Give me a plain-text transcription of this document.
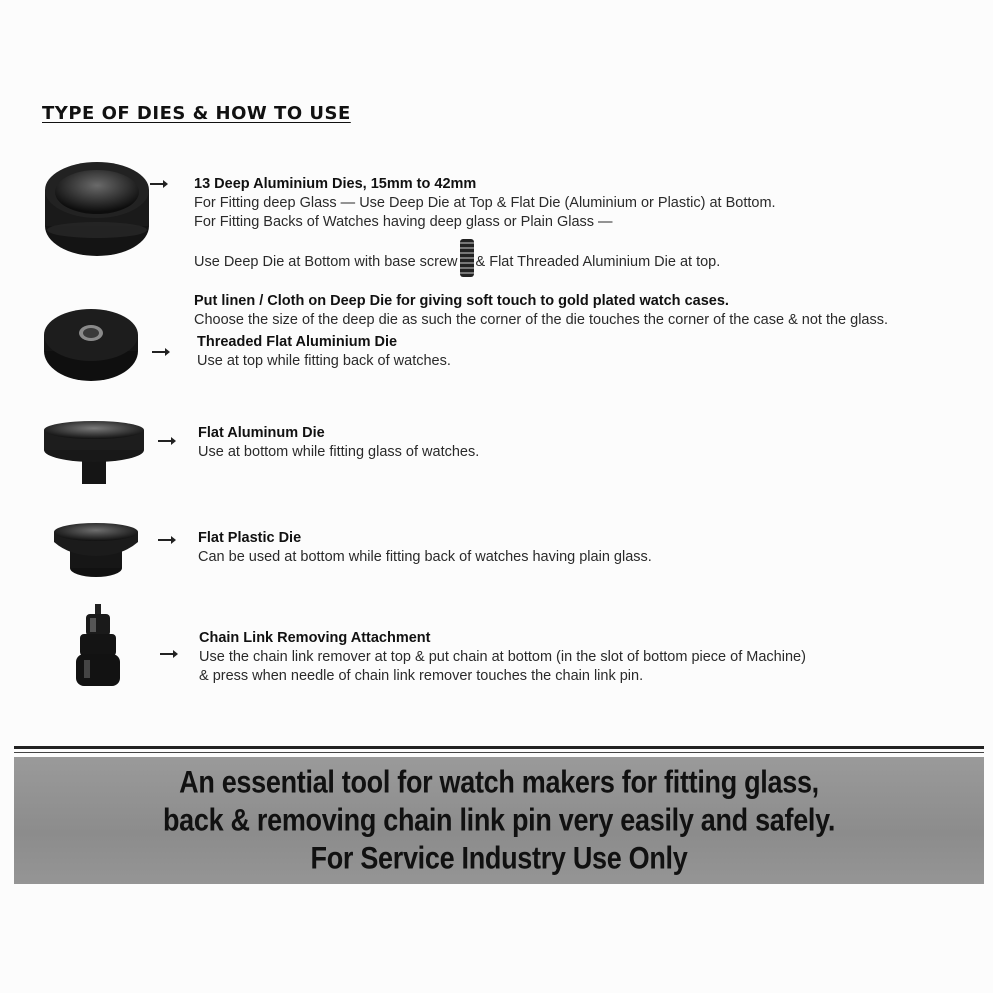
TYPE OF DIES & HOW TO USE
13 Deep Aluminium Dies, 15mm to 42mm
For Fitting deep Glass — Use Deep Die at Top & Flat Die (Aluminium or Plastic) at Bottom.
For Fitting Backs of Watches having deep glass or Plain Glass —
Use Deep Die at Bottom with base screw & Flat Threaded Aluminium Die at top.
Put linen / Cloth on Deep Die for giving soft touch to gold plated watch cases.
Choose the size of the deep die as such the corner of the die touches the corner of the case & not the glass.
Threaded Flat Aluminium Die
Use at top while fitting back of watches.
Flat Aluminum Die
Use at bottom while fitting glass of watches.
Flat Plastic Die
Can be used at bottom while fitting back of watches having plain glass.
Chain Link Removing Attachment
Use the chain link remover at top & put chain at bottom (in the slot of bottom piece of Machine)
& press when needle of chain link remover touches the chain link pin.
An essential tool for watch makers for fitting glass,
back & removing chain link pin very easily and safely.
For Service Industry Use Only
